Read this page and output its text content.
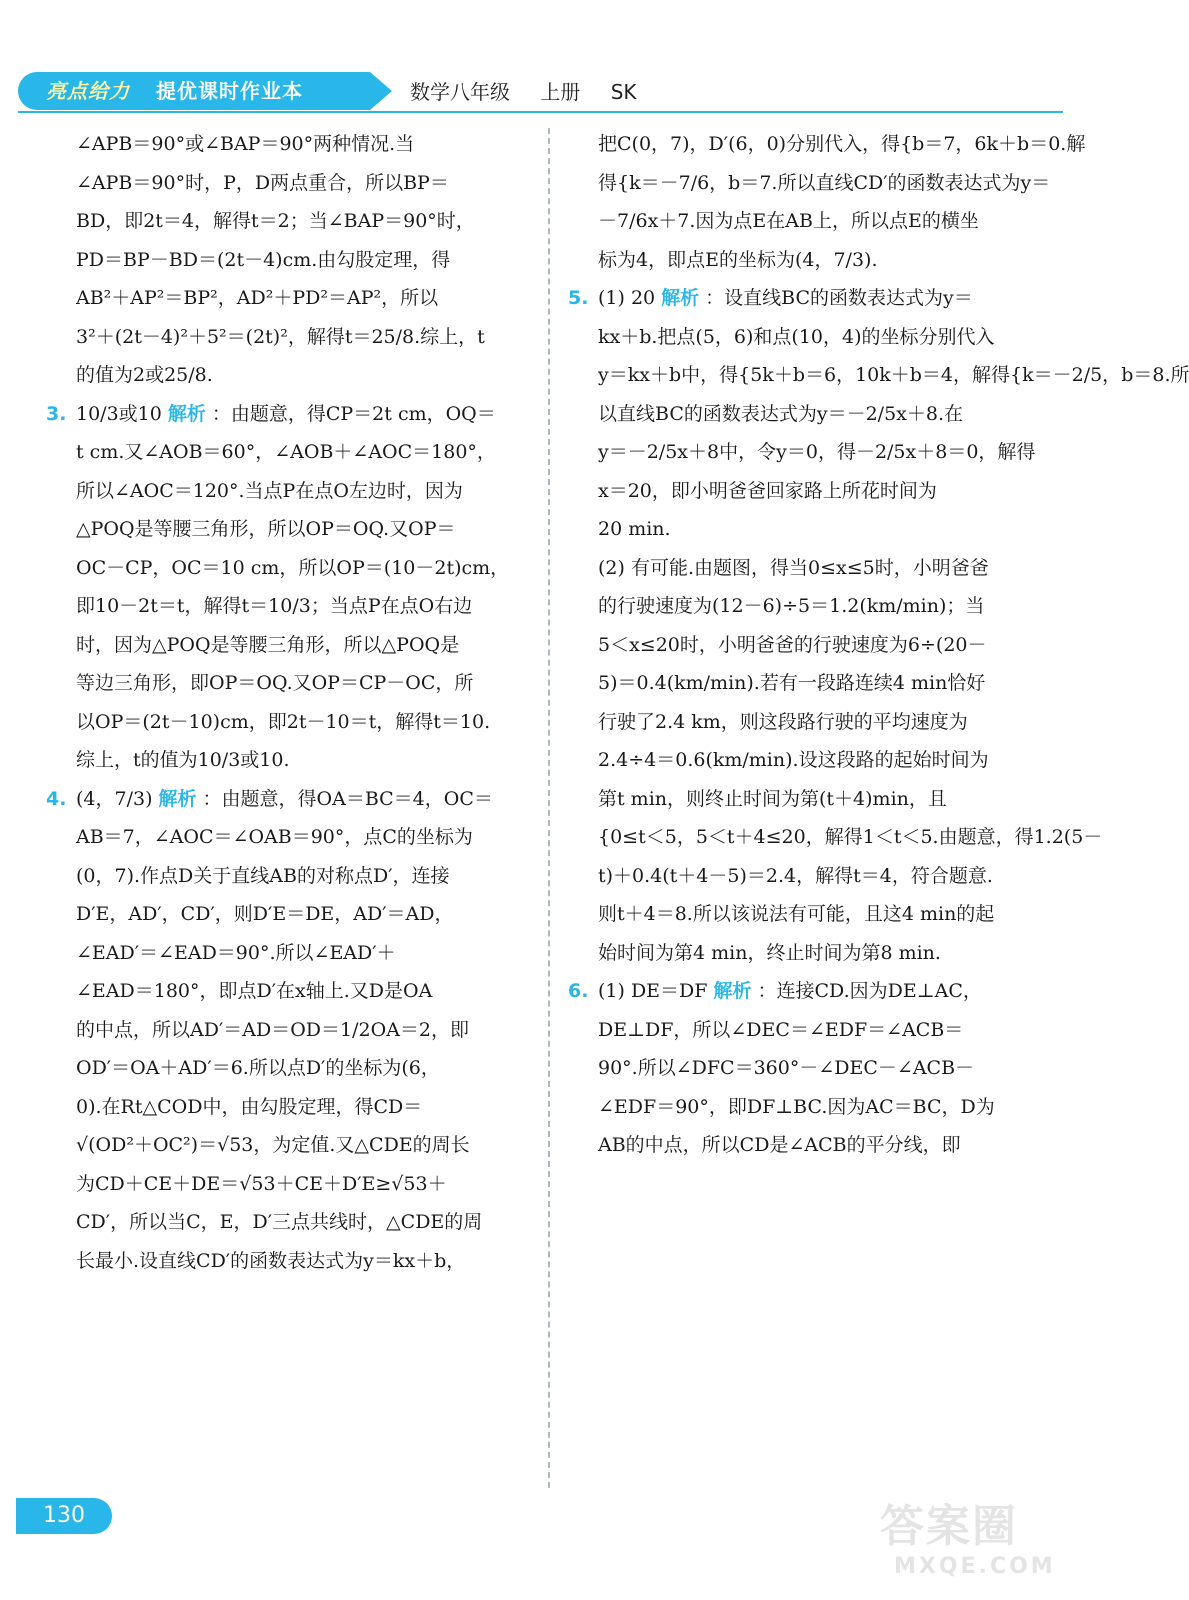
亮点给力 提优课时作业本	数学八年级 上册 SK

∠APB＝90°或∠BAP＝90°两种情况.当

∠APB＝90°时，P，D两点重合，所以BP＝

BD，即2t＝4，解得t＝2；当∠BAP＝90°时，

PD＝BP－BD＝(2t－4)cm.由勾股定理，得

AB²＋AP²＝BP²，AD²＋PD²＝AP²，所以

3²＋(2t－4)²＋5²＝(2t)²，解得t＝25/8.综上，t

的值为2或25/8.

3. 10/3或10 解析 ：由题意，得CP＝2t cm，OQ＝

t cm.又∠AOB＝60°，∠AOB＋∠AOC＝180°，

所以∠AOC＝120°.当点P在点O左边时，因为

△POQ是等腰三角形，所以OP＝OQ.又OP＝

OC－CP，OC＝10 cm，所以OP＝(10－2t)cm，

即10－2t＝t，解得t＝10/3；当点P在点O右边

时，因为△POQ是等腰三角形，所以△POQ是

等边三角形，即OP＝OQ.又OP＝CP－OC，所

以OP＝(2t－10)cm，即2t－10＝t，解得t＝10.

综上，t的值为10/3或10.

4. (4，7/3) 解析 ：由题意，得OA＝BC＝4，OC＝

AB＝7，∠AOC＝∠OAB＝90°，点C的坐标为

(0，7).作点D关于直线AB的对称点D′，连接

D′E，AD′，CD′，则D′E＝DE，AD′＝AD，

∠EAD′＝∠EAD＝90°.所以∠EAD′＋

∠EAD＝180°，即点D′在x轴上.又D是OA

的中点，所以AD′＝AD＝OD＝1/2OA＝2，即

OD′＝OA＋AD′＝6.所以点D′的坐标为(6，

0).在Rt△COD中，由勾股定理，得CD＝

√(OD²＋OC²)＝√53，为定值.又△CDE的周长

为CD＋CE＋DE＝√53＋CE＋D′E≥√53＋

CD′，所以当C，E，D′三点共线时，△CDE的周

长最小.设直线CD′的函数表达式为y＝kx＋b，

把C(0，7)，D′(6，0)分别代入，得{b＝7，6k＋b＝0.解

得{k＝－7/6，b＝7.所以直线CD′的函数表达式为y＝

－7/6x＋7.因为点E在AB上，所以点E的横坐

标为4，即点E的坐标为(4，7/3).

5. (1) 20 解析 ：设直线BC的函数表达式为y＝

kx＋b.把点(5，6)和点(10，4)的坐标分别代入

y＝kx＋b中，得{5k＋b＝6，10k＋b＝4，解得{k＝－2/5，b＝8.所

以直线BC的函数表达式为y＝－2/5x＋8.在

y＝－2/5x＋8中，令y＝0，得－2/5x＋8＝0，解得

x＝20，即小明爸爸回家路上所花时间为

20 min.

(2) 有可能.由题图，得当0≤x≤5时，小明爸爸

的行驶速度为(12－6)÷5＝1.2(km/min)；当

5＜x≤20时，小明爸爸的行驶速度为6÷(20－

5)＝0.4(km/min).若有一段路连续4 min恰好

行驶了2.4 km，则这段路行驶的平均速度为

2.4÷4＝0.6(km/min).设这段路的起始时间为

第t min，则终止时间为第(t＋4)min，且

{0≤t＜5，5＜t＋4≤20，解得1＜t＜5.由题意，得1.2(5－

t)＋0.4(t＋4－5)＝2.4，解得t＝4，符合题意.

则t＋4＝8.所以该说法有可能，且这4 min的起

始时间为第4 min，终止时间为第8 min.

6. (1) DE＝DF 解析 ：连接CD.因为DE⊥AC，

DE⊥DF，所以∠DEC＝∠EDF＝∠ACB＝

90°.所以∠DFC＝360°－∠DEC－∠ACB－

∠EDF＝90°，即DF⊥BC.因为AC＝BC，D为

AB的中点，所以CD是∠ACB的平分线，即

130	答案圈
MXQE.COM
